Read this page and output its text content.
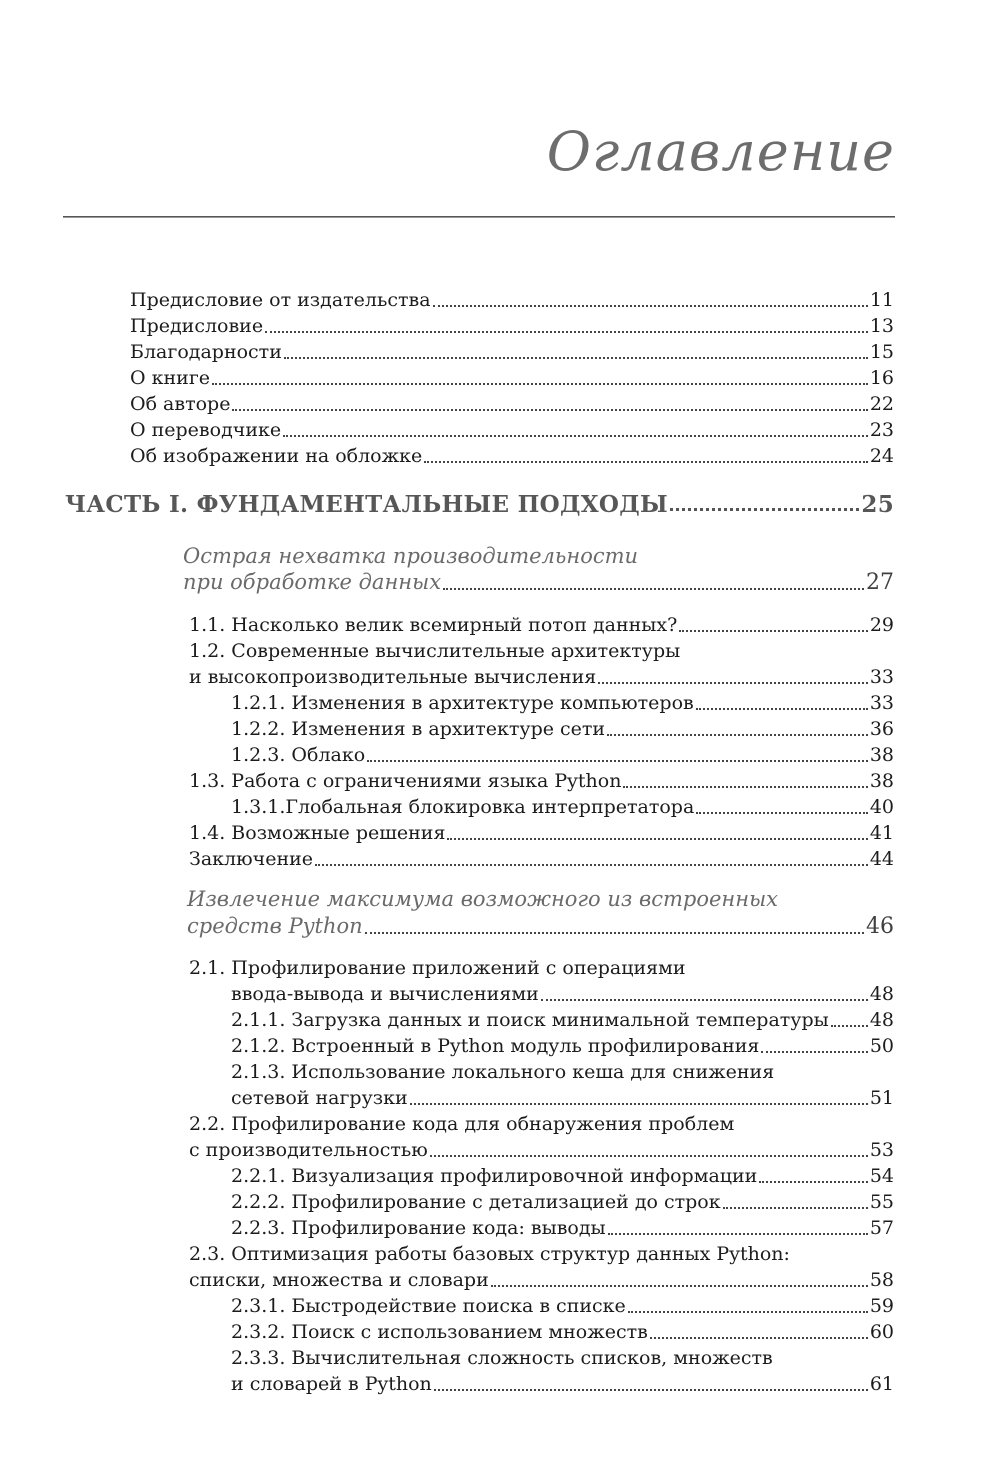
Оглавление
Предисловие от издательства	11
Предисловие	13
Благодарности	15
О книге	16
Об авторе	22
О переводчике	23
Об изображении на обложке	24
ЧАСТЬ I. ФУНДАМЕНТАЛЬНЫЕ ПОДХОДЫ	25
Острая нехватка производительности
при обработке данных	27
1.1. Насколько велик всемирный потоп данных?	29
1.2. Современные вычислительные архитектуры
и высокопроизводительные вычисления	33
1.2.1. Изменения в архитектуре компьютеров	33
1.2.2. Изменения в архитектуре сети	36
1.2.3. Облако	38
1.3. Работа с ограничениями языка Python	38
1.3.1.Глобальная блокировка интерпретатора	40
1.4. Возможные решения	41
Заключение	44
Извлечение максимума возможного из встроенных
средств Python	46
2.1. Профилирование приложений с операциями
ввода-вывода и вычислениями	48
2.1.1. Загрузка данных и поиск минимальной температуры 48
2.1.2. Встроенный в Python модуль профилирования	50
2.1.3. Использование локального кеша для снижения
сетевой нагрузки	51
2.2. Профилирование кода для обнаружения проблем
с производительностью	53
2.2.1. Визуализация профилировочной информации	54
2.2.2. Профилирование с детализацией до строк	55
2.2.3. Профилирование кода: выводы	57
2.3. Оптимизация работы базовых структур данных Python:
списки, множества и словари	58
2.3.1. Быстродействие поиска в списке	59
2.3.2. Поиск с использованием множеств	60
2.3.3. Вычислительная сложность списков, множеств
и словарей в Python	61
